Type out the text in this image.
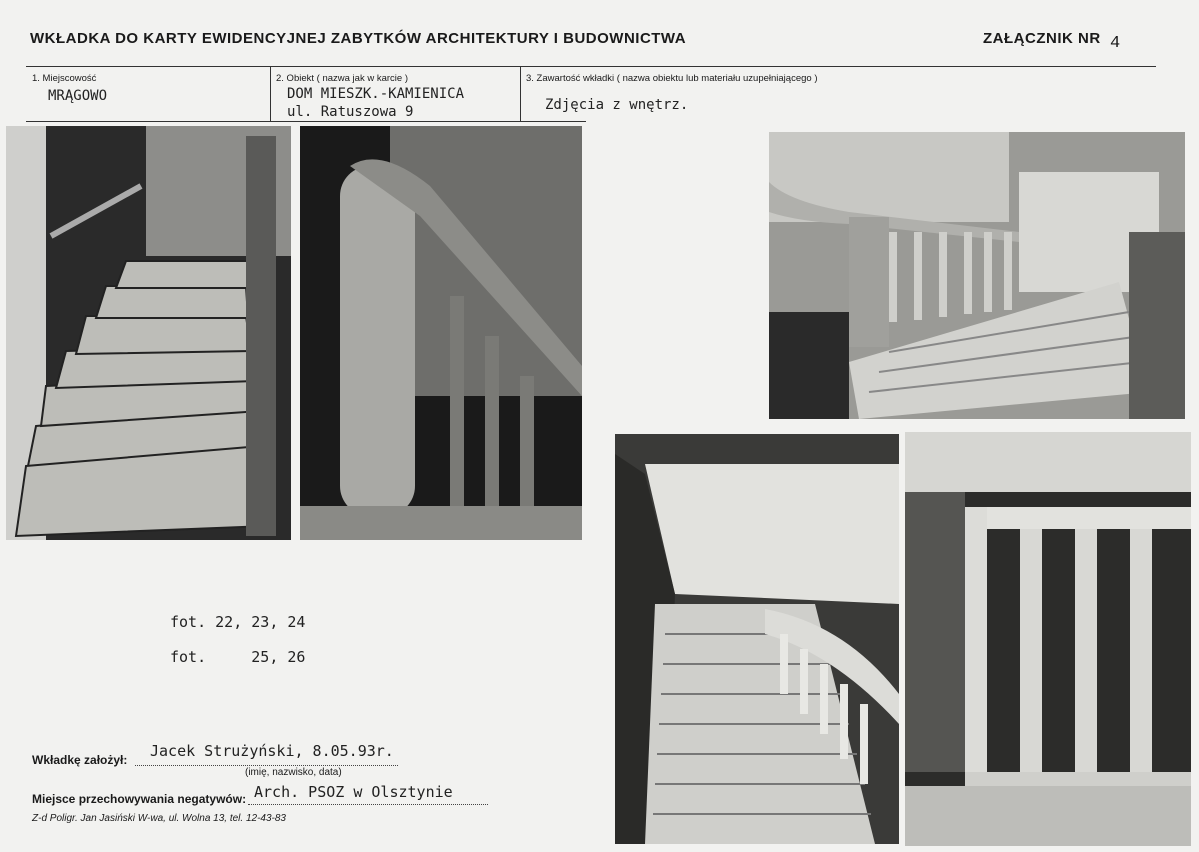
WKŁADKA DO KARTY EWIDENCYJNEJ ZABYTKÓW ARCHITEKTURY I BUDOWNICTWA	ZAŁĄCZNIK NR 4
1. Miejscowość
MRĄGOWO
2. Obiekt ( nazwa jak w karcie )
DOM MIESZK.-KAMIENICA
ul. Ratuszowa 9
3. Zawartość wkładki ( nazwa obiektu lub materiału uzupełniającego )
Zdjęcia z wnętrz.
fot. 22, 23, 24
fot.     25, 26
Wkładkę założył: Jacek Strużyński, 8.05.93r.
(imię, nazwisko, data)
Miejsce przechowywania negatywów: Arch. PSOZ w Olsztynie
Z-d Poligr. Jan Jasiński W-wa, ul. Wolna 13, tel. 12-43-83
